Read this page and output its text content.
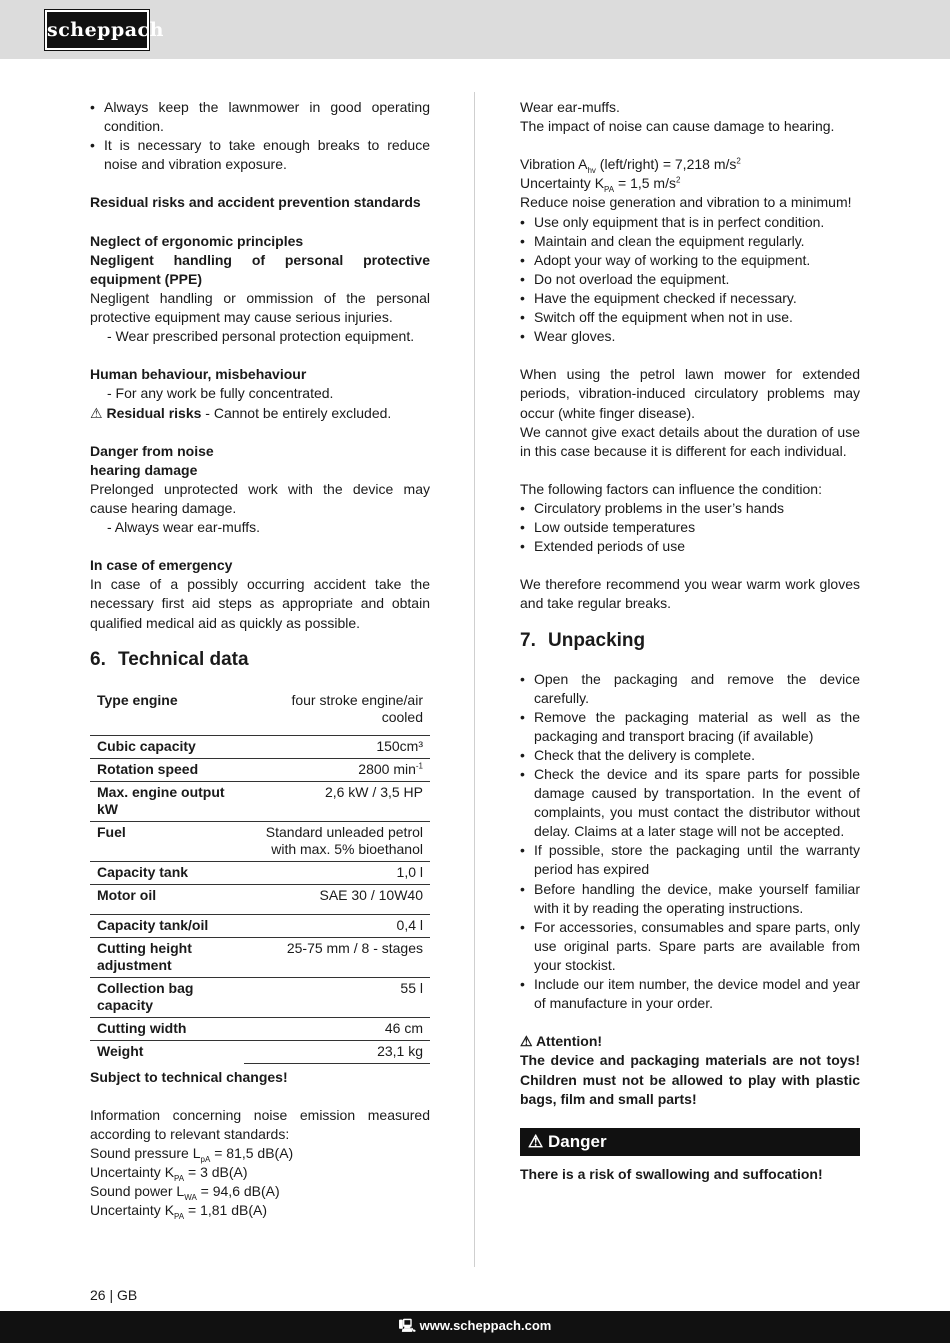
scheppach
• Always keep the lawnmower in good operating condition.
• It is necessary to take enough breaks to reduce noise and vibration exposure.

Residual risks and accident prevention standards

Neglect of ergonomic principles

Negligent handling of personal protective equipment (PPE)

Negligent handling or ommission of the personal protective equipment may cause serious injuries.

- Wear prescribed personal protection equipment.

Human behaviour, misbehaviour

- For any work be fully concentrated.

⚠ Residual risks - Cannot be entirely excluded.

Danger from noise

hearing damage

Prelonged unprotected work with the device may cause hearing damage.

- Always wear ear-muffs.

In case of emergency

In case of a possibly occurring accident take the necessary first aid steps as appropriate and obtain qualified medical aid as quickly as possible.

6. Technical data
Type engine	four stroke engine/air cooled
Cubic capacity	150cm³
Rotation speed	2800 $\min^{-1}$
Max. engine output kW	2,6 kW / 3,5 HP
Fuel	Standard unleaded petrol with max. 5% bioethanol
Capacity tank	1,0 l
Motor oil	SAE 30 / 10W40
Capacity tank/oil	0,4 l
Cutting height adjustment	25-75 mm / 8 - stages
Collection bag capacity	55 l
Cutting width	46 cm
Weight	23,1 kg

Subject to technical changes!

Information concerning noise emission measured according to relevant standards:

Sound pressure $L_{pA} = 81,5$ dB(A)

Uncertainty $K_{PA} = 3$ dB(A)

Sound power $L_{WA} = 94,6$ dB(A)

Uncertainty $K_{PA} = 1,81$ dB(A)

Wear ear-muffs.

The impact of noise can cause damage to hearing.

Vibration $A_{hv}$ (left/right) = 7,218 $m/s^2$

Uncertainty $K_{PA} = 1,5$ $m/s^2$

Reduce noise generation and vibration to a minimum!

• Use only equipment that is in perfect condition.
• Maintain and clean the equipment regularly.
• Adopt your way of working to the equipment.
• Do not overload the equipment.
• Have the equipment checked if necessary.
• Switch off the equipment when not in use.
• Wear gloves.

When using the petrol lawn mower for extended periods, vibration-induced circulatory problems may occur (white finger disease).

We cannot give exact details about the duration of use in this case because it is different for each individual.

The following factors can influence the condition:

• Circulatory problems in the user’s hands
• Low outside temperatures
• Extended periods of use

We therefore recommend you wear warm work gloves and take regular breaks.

7. Unpacking
• Open the packaging and remove the device carefully.
• Remove the packaging material as well as the packaging and transport bracing (if available)
• Check that the delivery is complete.
• Check the device and its spare parts for possible damage caused by transportation. In the event of complaints, you must contact the distributor without delay. Claims at a later stage will not be accepted.
• If possible, store the packaging until the warranty period has expired
• Before handling the device, make yourself familiar with it by reading the operating instructions.
• For accessories, consumables and spare parts, only use original parts. Spare parts are available from your stockist.
• Include our item number, the device model and year of manufacture in your order.

⚠ Attention!

The device and packaging materials are not toys! Children must not be allowed to play with plastic bags, film and small parts!

⚠ Danger

There is a risk of swallowing and suffocation!

26 | GB
🖳 www.scheppach.com
